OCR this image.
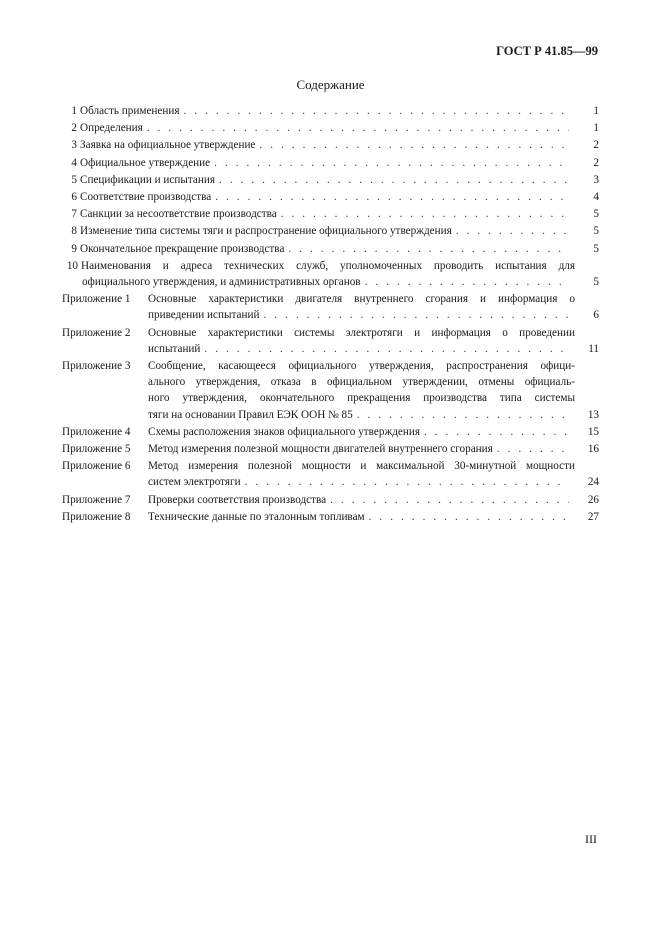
ГОСТ Р 41.85—99
Содержание
1 Область применения . . .	1
2 Определения . . .	1
3 Заявка на официальное утверждение . . .	2
4 Официальное утверждение . . .	2
5 Спецификации и испытания . . .	3
6 Соответствие производства . . .	4
7 Санкции за несоответствие производства . . .	5
8 Изменение типа системы тяги и распространение официального утверждения . . .	5
9 Окончательное прекращение производства . . .	5
10 Наименования и адреса технических служб, уполномоченных проводить испытания для
официального утверждения, и административных органов . . .	5
Приложение 1	Основные характеристики двигателя внутреннего сгорания и информация о
приведении испытаний . . .	6
Приложение 2	Основные характеристики системы электротяги и информация о проведении
испытаний . . .	11
Приложение 3	Сообщение, касающееся официального утверждения, распространения офици-
ального утверждения, отказа в официальном утверждении, отмены официаль-
ного утверждения, окончательного прекращения производства типа системы
тяги на основании Правил ЕЭК ООН № 85 . . .	13
Приложение 4	Схемы расположения знаков официального утверждения . . .	15
Приложение 5	Метод измерения полезной мощности двигателей внутреннего сгорания . . .	16
Приложение 6	Метод измерения полезной мощности и максимальной 30-минутной мощности
систем электротяги . . .	24
Приложение 7	Проверки соответствия производства . . .	26
Приложение 8	Технические данные по эталонным топливам . . .	27
III
